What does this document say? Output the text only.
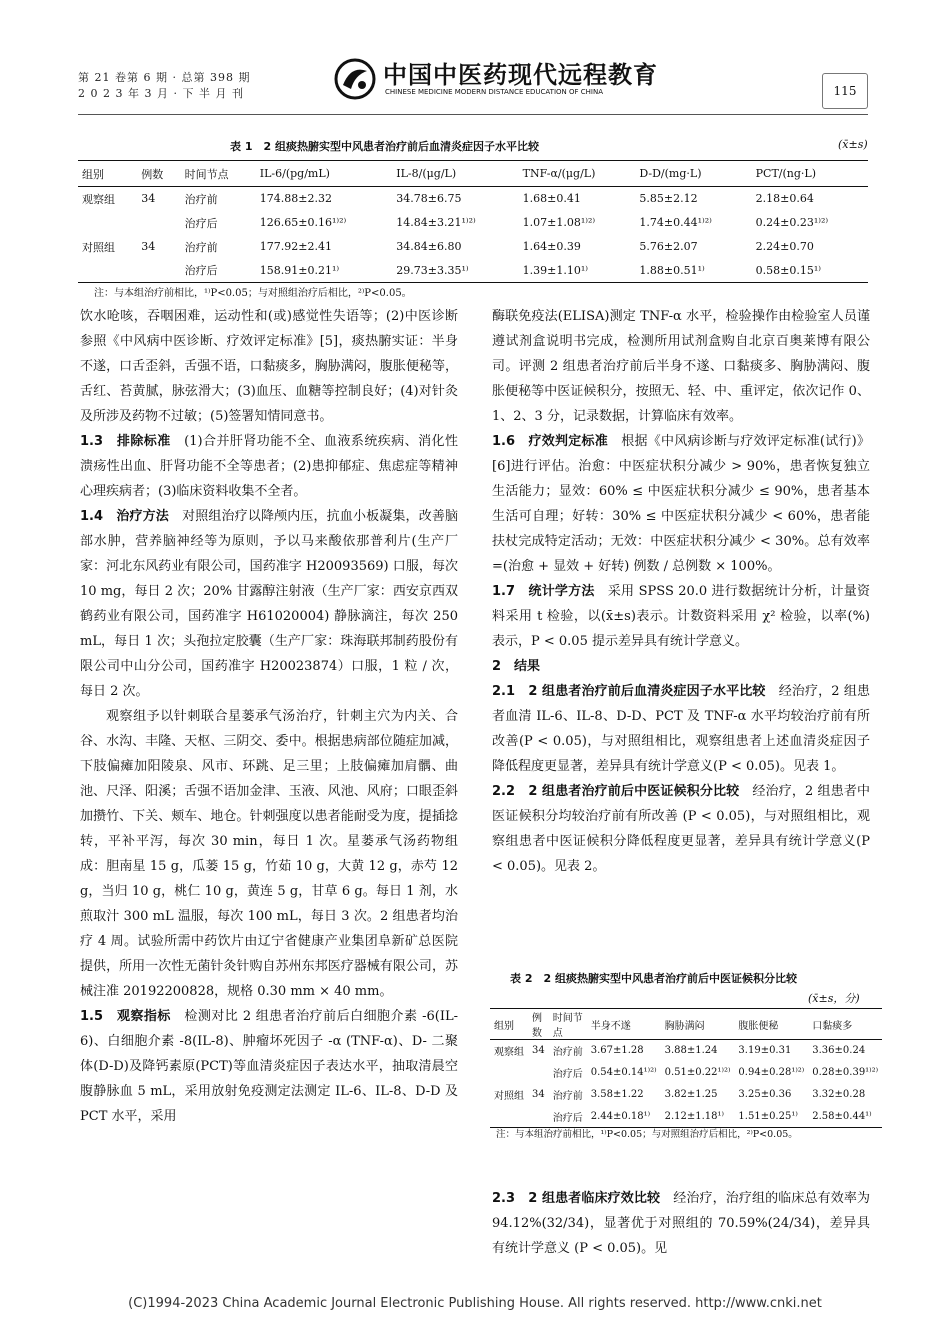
第 21 卷第 6 期 · 总第 398 期
2 0 2 3 年 3 月 · 下 半 月 刊
中国中医药现代远程教育
CHINESE MEDICINE MODERN DISTANCE EDUCATION OF CHINA	115
表 1　2 组痰热腑实型中风患者治疗前后血清炎症因子水平比较	(x̄±s)
组别	例数	时间节点	IL-6/(pg/mL)	IL-8/(μg/L)	TNF-α/(μg/L)	D-D/(mg·L)	PCT/(ng·L)
观察组	34	治疗前	174.88±2.32	34.78±6.75	1.68±0.41	5.85±2.12	2.18±0.64
		治疗后	126.65±0.16¹⁾²⁾	14.84±3.21¹⁾²⁾	1.07±1.08¹⁾²⁾	1.74±0.44¹⁾²⁾	0.24±0.23¹⁾²⁾
对照组	34	治疗前	177.92±2.41	34.84±6.80	1.64±0.39	5.76±2.07	2.24±0.70
		治疗后	158.91±0.21¹⁾	29.73±3.35¹⁾	1.39±1.10¹⁾	1.88±0.51¹⁾	0.58±0.15¹⁾
注：与本组治疗前相比，¹⁾P<0.05；与对照组治疗后相比，²⁾P<0.05。

饮水呛咳，吞咽困难，运动性和(或)感觉性失语等；(2)中医诊断参照《中风病中医诊断、疗效评定标准》[5]，痰热腑实证：半身不遂，口舌歪斜，舌强不语，口黏痰多，胸胁满闷，腹胀便秘等，舌红、苔黄腻，脉弦滑大；(3)血压、血糖等控制良好；(4)对针灸及所涉及药物不过敏；(5)签署知情同意书。

1.3　排除标准　(1)合并肝肾功能不全、血液系统疾病、消化性溃疡性出血、肝肾功能不全等患者；(2)患抑郁症、焦虑症等精神心理疾病者；(3)临床资料收集不全者。

1.4　治疗方法　对照组治疗以降颅内压，抗血小板凝集，改善脑部水肿，营养脑神经等为原则，予以马来酸依那普利片(生产厂家：河北东风药业有限公司，国药准字 H20093569) 口服，每次 10 mg，每日 2 次；20% 甘露醇注射液（生产厂家：西安京西双鹤药业有限公司，国药准字 H61020004) 静脉滴注，每次 250 mL，每日 1 次；头孢拉定胶囊（生产厂家：珠海联邦制药股份有限公司中山分公司，国药准字 H20023874）口服，1 粒 / 次，每日 2 次。

观察组予以针刺联合星蒌承气汤治疗，针刺主穴为内关、合谷、水沟、丰隆、天枢、三阴交、委中。根据患病部位随症加减，下肢偏瘫加阳陵泉、风市、环跳、足三里；上肢偏瘫加肩髃、曲池、尺泽、阳溪；舌强不语加金津、玉液、风池、风府；口眼歪斜加攒竹、下关、颊车、地仓。针刺强度以患者能耐受为度，提插捻转，平补平泻，每次 30 min，每日 1 次。星蒌承气汤药物组成：胆南星 15 g，瓜蒌 15 g，竹茹 10 g，大黄 12 g，赤芍 12 g，当归 10 g，桃仁 10 g，黄连 5 g，甘草 6 g。每日 1 剂，水煎取汁 300 mL 温服，每次 100 mL，每日 3 次。2 组患者均治疗 4 周。试验所需中药饮片由辽宁省健康产业集团阜新矿总医院提供，所用一次性无菌针灸针购自苏州东邦医疗器械有限公司，苏械注准 20192200828，规格 0.30 mm × 40 mm。

1.5　观察指标　检测对比 2 组患者治疗前后白细胞介素 -6(IL-6)、白细胞介素 -8(IL-8)、肿瘤坏死因子 -α (TNF-α)、D- 二聚体(D-D)及降钙素原(PCT)等血清炎症因子表达水平，抽取清晨空腹静脉血 5 mL，采用放射免疫测定法测定 IL-6、IL-8、D-D 及 PCT 水平，采用

酶联免疫法(ELISA)测定 TNF-α 水平，检验操作由检验室人员谨遵试剂盒说明书完成，检测所用试剂盒购自北京百奥莱博有限公司。评测 2 组患者治疗前后半身不遂、口黏痰多、胸胁满闷、腹胀便秘等中医证候积分，按照无、轻、中、重评定，依次记作 0、1、2、3 分，记录数据，计算临床有效率。

1.6　疗效判定标准　根据《中风病诊断与疗效评定标准(试行)》[6]进行评估。治愈：中医症状积分减少 > 90%，患者恢复独立生活能力；显效：60% ≤ 中医症状积分减少 ≤ 90%，患者基本生活可自理；好转：30% ≤ 中医症状积分减少 < 60%，患者能扶杖完成特定活动；无效：中医症状积分减少 < 30%。总有效率 =(治愈 + 显效 + 好转) 例数 / 总例数 × 100%。

1.7　统计学方法　采用 SPSS 20.0 进行数据统计分析，计量资料采用 t 检验，以(x̄±s)表示。计数资料采用 χ² 检验，以率(%)表示，P < 0.05 提示差异具有统计学意义。

2　结果

2.1　2 组患者治疗前后血清炎症因子水平比较　经治疗，2 组患者血清 IL-6、IL-8、D-D、PCT 及 TNF-α 水平均较治疗前有所改善(P < 0.05)，与对照组相比，观察组患者上述血清炎症因子降低程度更显著，差异具有统计学意义(P < 0.05)。见表 1。

2.2　2 组患者治疗前后中医证候积分比较　经治疗，2 组患者中医证候积分均较治疗前有所改善 (P < 0.05)，与对照组相比，观察组患者中医证候积分降低程度更显著，差异具有统计学意义(P < 0.05)。见表 2。

表 2　2 组痰热腑实型中风患者治疗前后中医证候积分比较
(x̄±s，分)
组别	例数	时间节点	半身不遂	胸胁满闷	腹胀便秘	口黏痰多
观察组	34	治疗前	3.67±1.28	3.88±1.24	3.19±0.31	3.36±0.24
		治疗后	0.54±0.14¹⁾²⁾	0.51±0.22¹⁾²⁾	0.94±0.28¹⁾²⁾	0.28±0.39¹⁾²⁾
对照组	34	治疗前	3.58±1.22	3.82±1.25	3.25±0.36	3.32±0.28
		治疗后	2.44±0.18¹⁾	2.12±1.18¹⁾	1.51±0.25¹⁾	2.58±0.44¹⁾
注：与本组治疗前相比，¹⁾P<0.05；与对照组治疗后相比，²⁾P<0.05。

2.3　2 组患者临床疗效比较　经治疗，治疗组的临床总有效率为 94.12%(32/34)，显著优于对照组的 70.59%(24/34)，差异具有统计学意义 (P < 0.05)。见

(C)1994-2023 China Academic Journal Electronic Publishing House. All rights reserved. http://www.cnki.net
